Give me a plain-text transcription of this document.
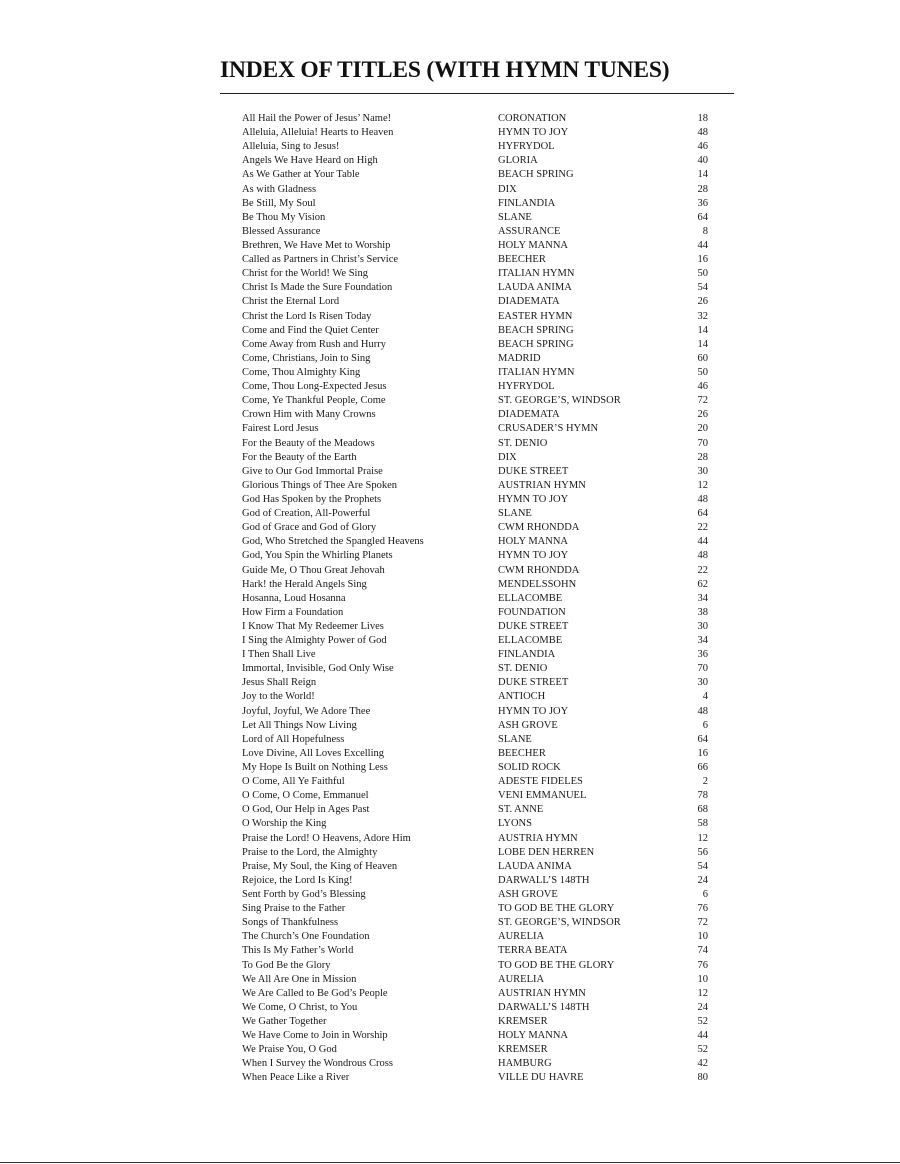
INDEX OF TITLES (WITH HYMN TUNES)
All Hail the Power of Jesus’ Name!	CORONATION	18
Alleluia, Alleluia! Hearts to Heaven	HYMN TO JOY	48
Alleluia, Sing to Jesus!	HYFRYDOL	46
Angels We Have Heard on High	GLORIA	40
As We Gather at Your Table	BEACH SPRING	14
As with Gladness	DIX	28
Be Still, My Soul	FINLANDIA	36
Be Thou My Vision	SLANE	64
Blessed Assurance	ASSURANCE	8
Brethren, We Have Met to Worship	HOLY MANNA	44
Called as Partners in Christ’s Service	BEECHER	16
Christ for the World! We Sing	ITALIAN HYMN	50
Christ Is Made the Sure Foundation	LAUDA ANIMA	54
Christ the Eternal Lord	DIADEMATA	26
Christ the Lord Is Risen Today	EASTER HYMN	32
Come and Find the Quiet Center	BEACH SPRING	14
Come Away from Rush and Hurry	BEACH SPRING	14
Come, Christians, Join to Sing	MADRID	60
Come, Thou Almighty King	ITALIAN HYMN	50
Come, Thou Long-Expected Jesus	HYFRYDOL	46
Come, Ye Thankful People, Come	ST. GEORGE’S, WINDSOR	72
Crown Him with Many Crowns	DIADEMATA	26
Fairest Lord Jesus	CRUSADER’S HYMN	20
For the Beauty of the Meadows	ST. DENIO	70
For the Beauty of the Earth	DIX	28
Give to Our God Immortal Praise	DUKE STREET	30
Glorious Things of Thee Are Spoken	AUSTRIAN HYMN	12
God Has Spoken by the Prophets	HYMN TO JOY	48
God of Creation, All-Powerful	SLANE	64
God of Grace and God of Glory	CWM RHONDDA	22
God, Who Stretched the Spangled Heavens	HOLY MANNA	44
God, You Spin the Whirling Planets	HYMN TO JOY	48
Guide Me, O Thou Great Jehovah	CWM RHONDDA	22
Hark! the Herald Angels Sing	MENDELSSOHN	62
Hosanna, Loud Hosanna	ELLACOMBE	34
How Firm a Foundation	FOUNDATION	38
I Know That My Redeemer Lives	DUKE STREET	30
I Sing the Almighty Power of God	ELLACOMBE	34
I Then Shall Live	FINLANDIA	36
Immortal, Invisible, God Only Wise	ST. DENIO	70
Jesus Shall Reign	DUKE STREET	30
Joy to the World!	ANTIOCH	4
Joyful, Joyful, We Adore Thee	HYMN TO JOY	48
Let All Things Now Living	ASH GROVE	6
Lord of All Hopefulness	SLANE	64
Love Divine, All Loves Excelling	BEECHER	16
My Hope Is Built on Nothing Less	SOLID ROCK	66
O Come, All Ye Faithful	ADESTE FIDELES	2
O Come, O Come, Emmanuel	VENI EMMANUEL	78
O God, Our Help in Ages Past	ST. ANNE	68
O Worship the King	LYONS	58
Praise the Lord! O Heavens, Adore Him	AUSTRIA HYMN	12
Praise to the Lord, the Almighty	LOBE DEN HERREN	56
Praise, My Soul, the King of Heaven	LAUDA ANIMA	54
Rejoice, the Lord Is King!	DARWALL’S 148TH	24
Sent Forth by God’s Blessing	ASH GROVE	6
Sing Praise to the Father	TO GOD BE THE GLORY	76
Songs of Thankfulness	ST. GEORGE’S, WINDSOR	72
The Church’s One Foundation	AURELIA	10
This Is My Father’s World	TERRA BEATA	74
To God Be the Glory	TO GOD BE THE GLORY	76
We All Are One in Mission	AURELIA	10
We Are Called to Be God’s People	AUSTRIAN HYMN	12
We Come, O Christ, to You	DARWALL’S 148TH	24
We Gather Together	KREMSER	52
We Have Come to Join in Worship	HOLY MANNA	44
We Praise You, O God	KREMSER	52
When I Survey the Wondrous Cross	HAMBURG	42
When Peace Like a River	VILLE DU HAVRE	80
